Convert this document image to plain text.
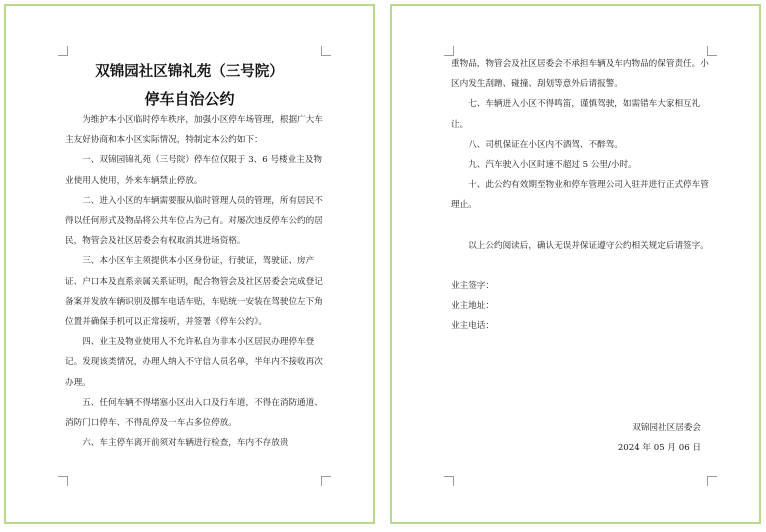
双锦园社区锦礼苑（三号院）
停车自治公约

为维护本小区临时停车秩序，加强小区停车场管理，根据广大车主友好协商和本小区实际情况，特制定本公约如下：

一、双锦园锦礼苑（三号院）停车位仅限于 3、6 号楼业主及物业使用人使用，外来车辆禁止停放。

二、进入小区的车辆需要服从临时管理人员的管理，所有居民不得以任何形式及物品将公共车位占为己有。对屡次违反停车公约的居民，物管会及社区居委会有权取消其进场资格。

三、本小区车主须提供本小区身份证，行驶证，驾驶证、房产证、户口本及直系亲属关系证明，配合物管会及社区居委会完成登记备案并发放车辆识别及挪车电话车贴，车贴统一安装在驾驶位左下角位置并确保手机可以正常接听，并签署《停车公约》。

四、业主及物业使用人不允许私自为非本小区居民办理停车登记。发现该类情况，办理人纳入不守信人员名单，半年内不接收再次办理。

五、任何车辆不得堵塞小区出入口及行车道，不得在消防通道、消防门口停车、不得乱停及一车占多位停放。

六、车主停车离开前须对车辆进行检查，车内不存放贵

重物品，物管会及社区居委会不承担车辆及车内物品的保管责任。小区内发生刮蹭、碰撞、刮划等意外后请报警。

七、车辆进入小区不得鸣笛，谨慎驾驶，如需错车大家相互礼让。

八、司机保证在小区内不酒驾、不醉驾。

九、汽车驶入小区时速不超过 5 公里/小时。

十、此公约有效期至物业和停车管理公司入驻并进行正式停车管理止。

以上公约阅读后，确认无误并保证遵守公约相关规定后请签字。

业主签字：

业主地址：

业主电话：

双锦园社区居委会
2024 年 05 月 06 日
